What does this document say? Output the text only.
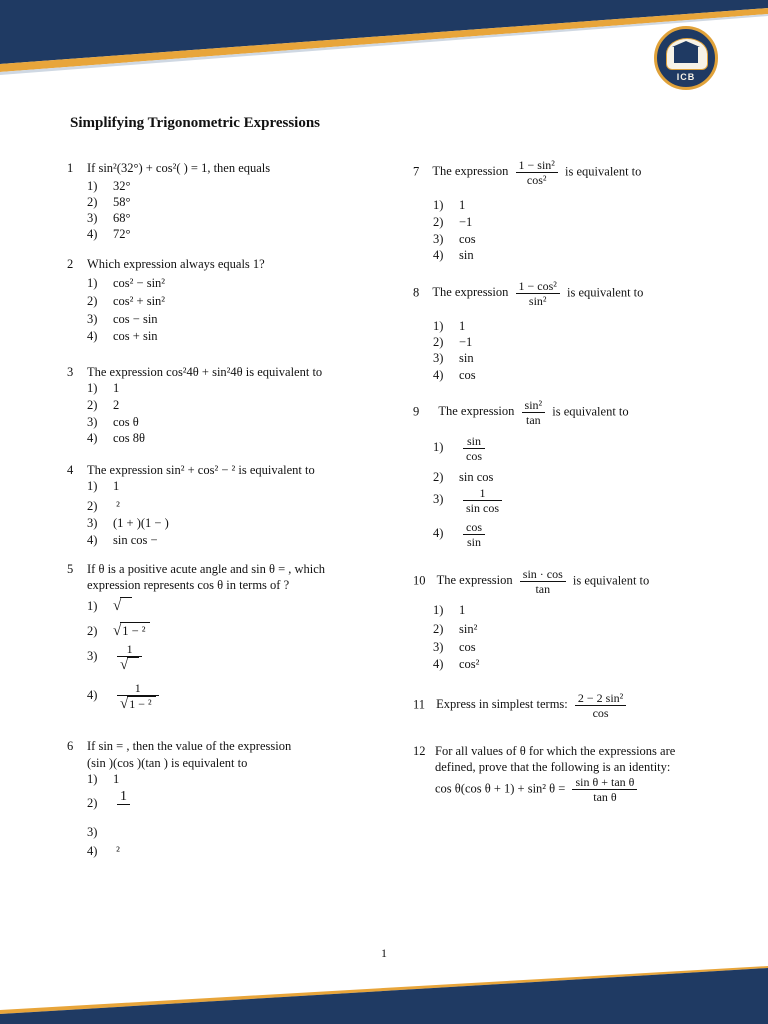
ICB
Simplifying Trigonometric Expressions
1 If sin²(32°) + cos²( ) = 1, then equals
1) 32°
2) 58°
3) 68°
4) 72°
2 Which expression always equals 1?
1) cos² − sin²
2) cos² + sin²
3) cos − sin
4) cos + sin
3 The expression cos²4θ + sin²4θ is equivalent to
1) 1
2) 2
3) cos θ
4) cos 8θ
4 The expression sin² + cos² − ² is equivalent to
1) 1
2) ²
3) (1 + )(1 − )
4) sin cos −
5 If θ is a positive acute angle and sin θ = , which
expression represents cos θ in terms of ?
1) √
2) √1 − ²
$3) \frac{1}{√}$
$4) \frac{1}{\text{√1 − ²}}$
6 If sin = , then the value of the expression
(sin )(cos )(tan ) is equivalent to
1) 1
2) 1

3)
4) ²
7 The expression $\frac{\text{1 − sin²}}{\text{cos²}}$ is equivalent to
1) 1
2) −1
3) cos
4) sin
8 The expression $\frac{\text{1 − cos²}}{\text{sin²}}$ is equivalent to
1) 1
2) −1
3) sin
4) cos
9 The expression $\frac{\text{sin²}}{\tan}$ is equivalent to
$1) \frac{\sin}{\cos}$
2) sin cos
$3) \frac{1}{\text{sin cos}}$
$4) \frac{\cos}{\sin}$
10 The expression $\frac{\sin \cdot \cos}{\tan}$ is equivalent to
1) 1
2) sin²
3) cos
4) cos²
11 Express in simplest terms: $\frac{\text{2 − 2 sin²}}{\cos}$
12 For all values of θ for which the expressions are
defined, prove that the following is an identity:
cos θ(cos θ + 1) + sin² $\theta = \frac{\text{sin θ + tan θ}}{\text{tan θ}}$
1
